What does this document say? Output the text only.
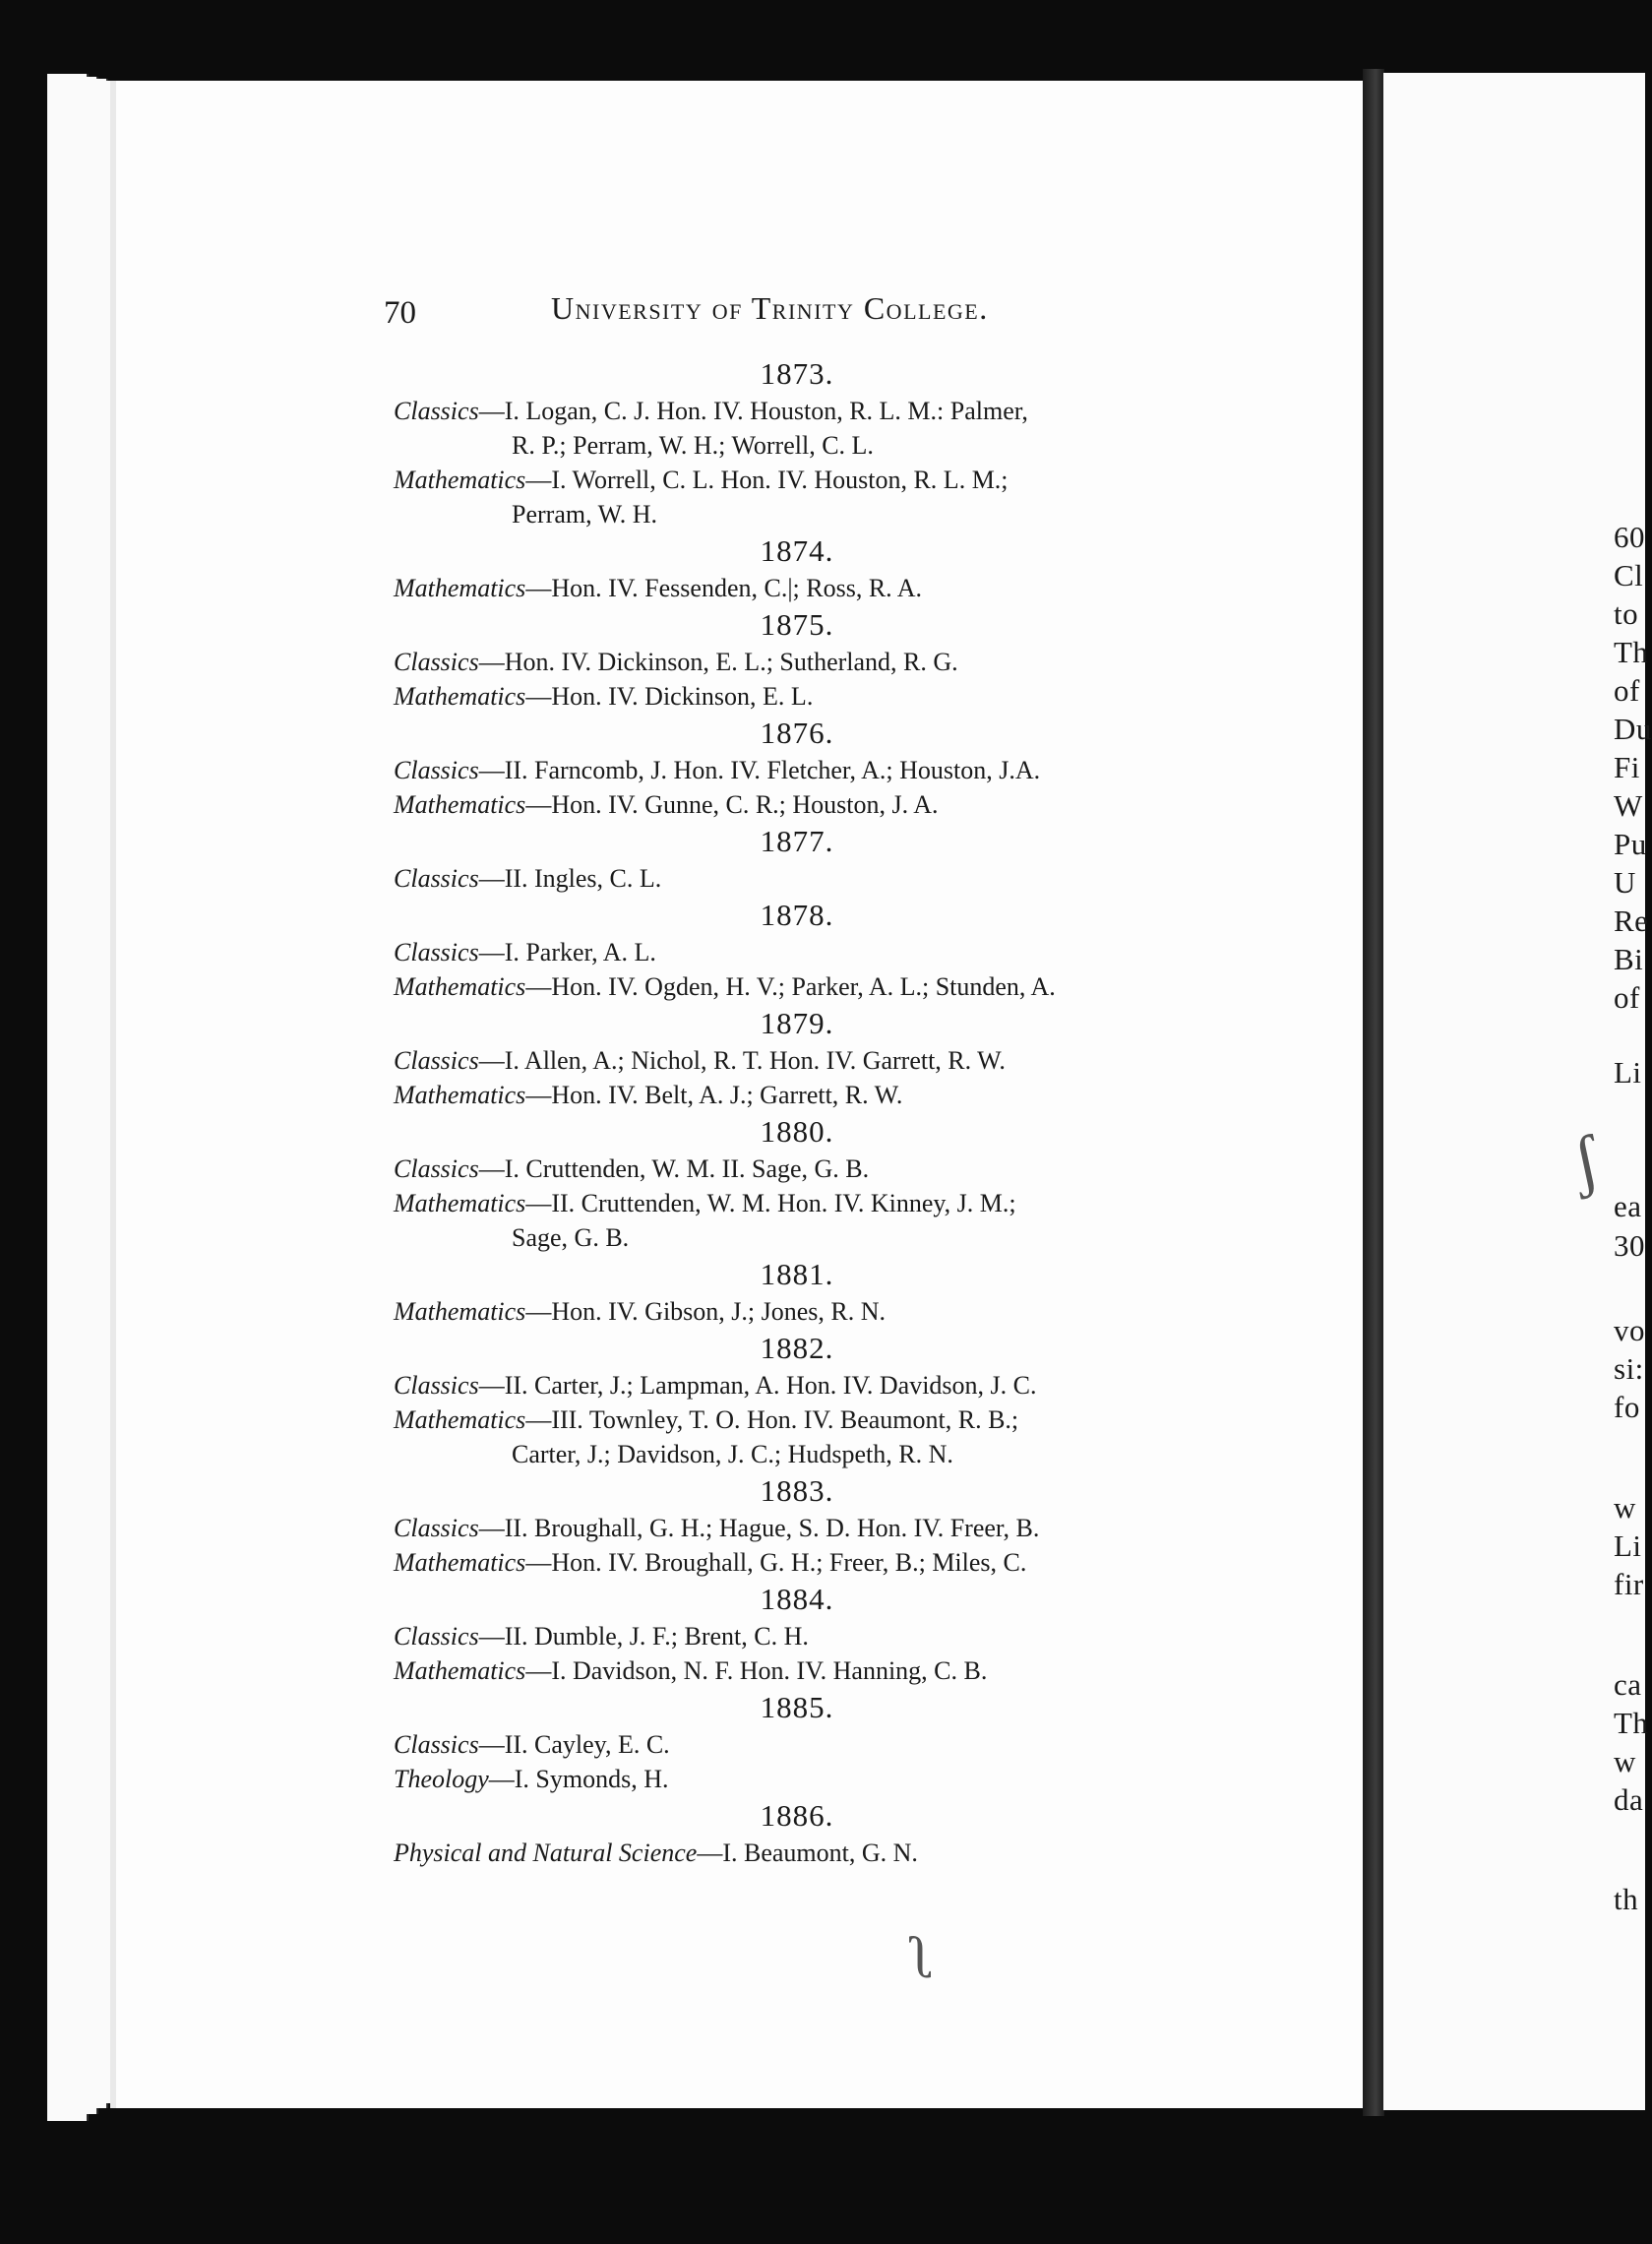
70	University of Trinity College.
1873.
Classics—I. Logan, C. J. Hon. IV. Houston, R. L. M.: Palmer,
R. P.; Perram, W. H.; Worrell, C. L.
Mathematics—I. Worrell, C. L. Hon. IV. Houston, R. L. M.;
Perram, W. H.
1874.
Mathematics—Hon. IV. Fessenden, C.|; Ross, R. A.
1875.
Classics—Hon. IV. Dickinson, E. L.; Sutherland, R. G.
Mathematics—Hon. IV. Dickinson, E. L.
1876.
Classics—II. Farncomb, J. Hon. IV. Fletcher, A.; Houston, J.A.
Mathematics—Hon. IV. Gunne, C. R.; Houston, J. A.
1877.
Classics—II. Ingles, C. L.
1878.
Classics—I. Parker, A. L.
Mathematics—Hon. IV. Ogden, H. V.; Parker, A. L.; Stunden, A.
1879.
Classics—I. Allen, A.; Nichol, R. T. Hon. IV. Garrett, R. W.
Mathematics—Hon. IV. Belt, A. J.; Garrett, R. W.
1880.
Classics—I. Cruttenden, W. M. II. Sage, G. B.
Mathematics—II. Cruttenden, W. M. Hon. IV. Kinney, J. M.;
Sage, G. B.
1881.
Mathematics—Hon. IV. Gibson, J.; Jones, R. N.
1882.
Classics—II. Carter, J.; Lampman, A. Hon. IV. Davidson, J. C.
Mathematics—III. Townley, T. O. Hon. IV. Beaumont, R. B.;
Carter, J.; Davidson, J. C.; Hudspeth, R. N.
1883.
Classics—II. Broughall, G. H.; Hague, S. D. Hon. IV. Freer, B.
Mathematics—Hon. IV. Broughall, G. H.; Freer, B.; Miles, C.
1884.
Classics—II. Dumble, J. F.; Brent, C. H.
Mathematics—I. Davidson, N. F. Hon. IV. Hanning, C. B.
1885.
Classics—II. Cayley, E. C.
Theology—I. Symonds, H.
1886.
Physical and Natural Science—I. Beaumont, G. N.
60
Cl
to
Th
of
Du
Fi
W
Pu
U
Re
Bi
of
Li
ea
30
vo
si:
fo
w
Li
fir
ca
Th
w
da
th
ʃ
ʅ
